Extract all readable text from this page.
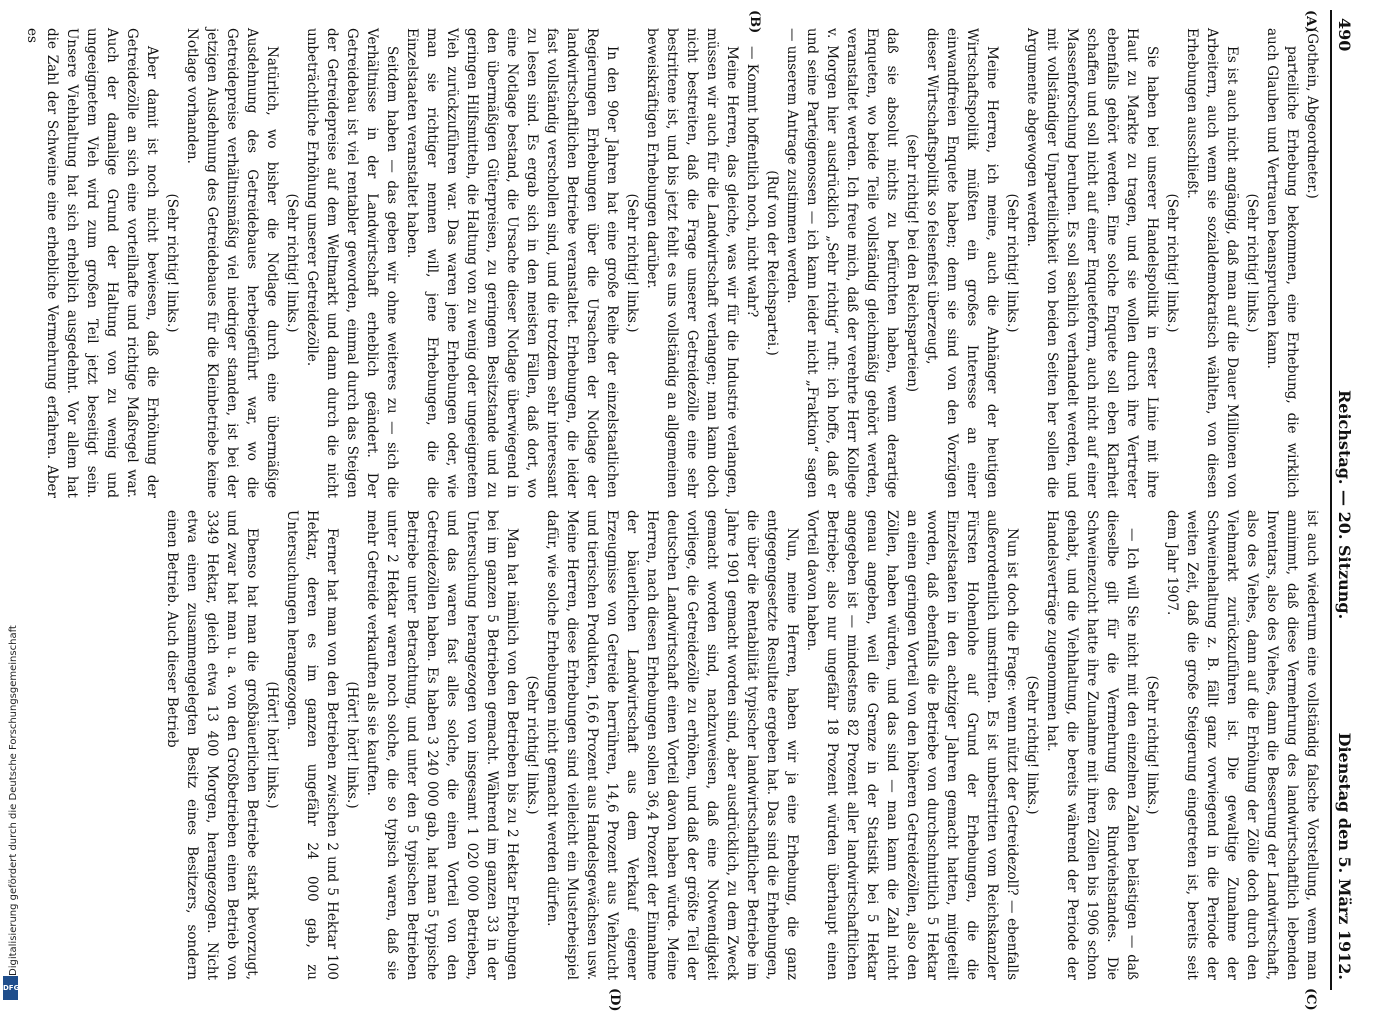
490
Reichstag. — 20. Sitzung.
Dienstag den 5. März 1912.
(A)
(B)
(C)
(D)

(Gothein, Abgeordneter.)

parteiliche Erhebung bekommen, eine Erhebung, die wirklich auch Glauben und Vertrauen beanspruchen kann.

(Sehr richtig! links.)

Es ist auch nicht angängig, daß man auf die Dauer Millionen von Arbeitern, auch wenn sie sozialdemokratisch wählten, von diesen Erhebungen ausschließt.

(Sehr richtig! links.)

Sie haben bei unserer Handelspolitik in erster Linie mit ihre Haut zu Markte zu tragen, und sie wollen durch ihre Vertreter ebenfalls gehört werden. Eine solche Enquete soll eben Klarheit schaffen und soll nicht auf einer Enqueteform, auch nicht auf einer Massenforschung beruhen. Es soll sachlich verhandelt werden, und mit vollständiger Unparteilichkeit von beiden Seiten her sollen die Argumente abgewogen werden.

(Sehr richtig! links.)

Meine Herren, ich meine, auch die Anhänger der heutigen Wirtschaftspolitik müßten ein großes Interesse an einer einwandfreien Enquete haben; denn sie sind von den Vorzügen dieser Wirtschaftspolitik so felsenfest überzeugt,

(sehr richtig! bei den Reichsparteien)

daß sie absolut nichts zu befürchten haben, wenn derartige Enqueten, wo beide Teile vollständig gleichmäßig gehört werden, veranstaltet werden. Ich freue mich, daß der verehrte Herr Kollege v. Morgen hier ausdrücklich „Sehr richtig“ ruft: ich hoffe, daß er und seine Parteigenossen — ich kann leider nicht „Fraktion“ sagen — unserem Antrage zustimmen werden.

(Ruf von der Reichspartei.)

— Kommt hoffentlich noch, nicht wahr?

Meine Herren, das gleiche, was wir für die Industrie verlangen, müssen wir auch für die Landwirtschaft verlangen; man kann doch nicht bestreiten, daß die Frage unserer Getreidezölle eine sehr bestrittene ist, und bis jetzt fehlt es uns vollständig an allgemeinen beweiskräftigen Erhebungen darüber.

(Sehr richtig! links.)

In den 90er Jahren hat eine große Reihe der einzelstaatlichen Regierungen Erhebungen über die Ursachen der Notlage der landwirtschaftlichen Betriebe veranstaltet. Erhebungen, die leider fast vollständig verschollen sind, und die trotzdem sehr interessant zu lesen sind. Es ergab sich in den meisten Fällen, daß dort, wo eine Notlage bestand, die Ursache dieser Notlage überwiegend in den übermäßigen Güterpreisen, zu geringem Besitzstande und zu geringen Hilfsmitteln, die Haltung von zu wenig oder ungeeignetem Vieh zurückzuführen war. Das waren jene Erhebungen oder, wie man sie richtiger nennen will, jene Erhebungen, die die Einzelstaaten veranstaltet haben.

Seitdem haben — das geben wir ohne weiteres zu — sich die Verhältnisse in der Landwirtschaft erheblich geändert. Der Getreidebau ist viel rentabler geworden, einmal durch das Steigen der Getreidepreise auf dem Weltmarkt und dann durch die nicht unbeträchtliche Erhöhung unserer Getreidezölle.

(Sehr richtig! links.)

Natürlich, wo bisher die Notlage durch eine übermäßige Ausdehnung des Getreidebaues herbeigeführt war, wo die Getreidepreise verhältnismäßig viel niedriger standen, ist bei der jetzigen Ausdehnung des Getreidebaues für die Kleinbetriebe keine Notlage vorhanden.

(Sehr richtig! links.)

Aber damit ist noch nicht bewiesen, daß die Erhöhung der Getreidezölle an sich eine vorteilhafte und richtige Maßregel war. Auch der damalige Grund der Haltung von zu wenig und ungeeignetem Vieh wird zum großen Teil jetzt beseitigt sein. Unsere Viehhaltung hat sich erheblich ausgedehnt. Vor allem hat die Zahl der Schweine eine erhebliche Vermehrung erfahren. Aber es

ist auch wiederum eine vollständig falsche Vorstellung, wenn man annimmt, daß diese Vermehrung des landwirtschaftlich lebenden Inventars, also des Viehes, dann die Besserung der Landwirtschaft, also des Viehes, dann auf die Erhöhung der Zölle doch durch den Viehmarkt zurückzuführen ist. Die gewaltige Zunahme der Schweinehaltung z. B. fällt ganz vorwiegend in die Periode der weiten Zeit, daß die große Steigerung eingetreten ist, bereits seit dem Jahr 1907.

(Sehr richtig! links.)

— Ich will Sie nicht mit den einzelnen Zahlen belästigen — daß dieselbe gilt für die Vermehrung des Rindviehstandes. Die Schweinezucht hatte ihre Zunahme mit ihren Zöllen bis 1906 schon gehabt, und die Viehhaltung, die bereits während der Periode der Handelsverträge zugenommen hat.

(Sehr richtig! links.)

Nun ist doch die Frage: wenn nützt der Getreidezoll? — ebenfalls außerordentlich umstritten. Es ist unbestritten vom Reichskanzler Fürsten Hohenlohe auf Grund der Erhebungen, die die Einzelstaaten in den achtziger Jahren gemacht hatten, mitgeteilt worden, daß ebenfalls die Betriebe von durchschnittlich 5 Hektar an einen geringen Vorteil von den höheren Getreidezöllen, also den Zöllen, haben würden, und das sind — man kann die Zahl nicht genau angeben, weil die Grenze in der Statistik bei 5 Hektar angegeben ist — mindestens 82 Prozent aller landwirtschaftlichen Betriebe; also nur ungefähr 18 Prozent würden überhaupt einen Vorteil davon haben.

Nun, meine Herren, haben wir ja eine Erhebung, die ganz entgegengesetzte Resultate ergeben hat. Das sind die Erhebungen, die über die Rentabilität typischer landwirtschaftlicher Betriebe im Jahre 1901 gemacht worden sind, aber ausdrücklich, zu dem Zweck gemacht worden sind, nachzuweisen, daß eine Notwendigkeit vorliege, die Getreidezölle zu erhöhen, und daß der größte Teil der deutschen Landwirtschaft einen Vorteil davon haben würde. Meine Herren, nach diesen Erhebungen sollen 36,4 Prozent der Einnahme der bäuerlichen Landwirtschaft aus dem Verkauf eigener Erzeugnisse von Getreide herrühren, 14,6 Prozent aus Viehzucht und tierischen Produkten, 16,6 Prozent aus Handelsgewächsen usw. Meine Herren, diese Erhebungen sind vielleicht ein Musterbeispiel dafür, wie solche Erhebungen nicht gemacht werden dürfen.

(Sehr richtig! links.)

Man hat nämlich von den Betrieben bis zu 2 Hektar Erhebungen bei im ganzen 5 Betrieben gemacht. Während im ganzen 33 in der Untersuchung herangezogen von insgesamt 1 020 000 Betrieben, und das waren fast alles solche, die einen Vorteil von den Getreidezöllen haben. Es haben 3 240 000 gab, hat man 5 typische Betriebe unter Betrachtung, und unter den 5 typischen Betrieben unter 2 Hektar waren noch solche, die so typisch waren, daß sie mehr Getreide verkauften als sie kauften.

(Hört! hört! links.)

Ferner hat man von den Betrieben zwischen 2 und 5 Hektar 100 Hektar, deren es im ganzen ungefähr 24 000 gab, zu Untersuchungen herangezogen.

(Hört! hört! links.)

Ebenso hat man die großbäuerlichen Betriebe stark bevorzugt, und zwar hat man u. a. von den Großbetrieben einen Betrieb von 3349 Hektar, gleich etwa 13 400 Morgen, herangezogen. Nicht etwa einen zusammengelegten Besitz eines Besitzers, sondern einen Betrieb. Auch dieser Betrieb

Digitalisierung gefördert durch die Deutsche Forschungsgemeinschaft
DFG
